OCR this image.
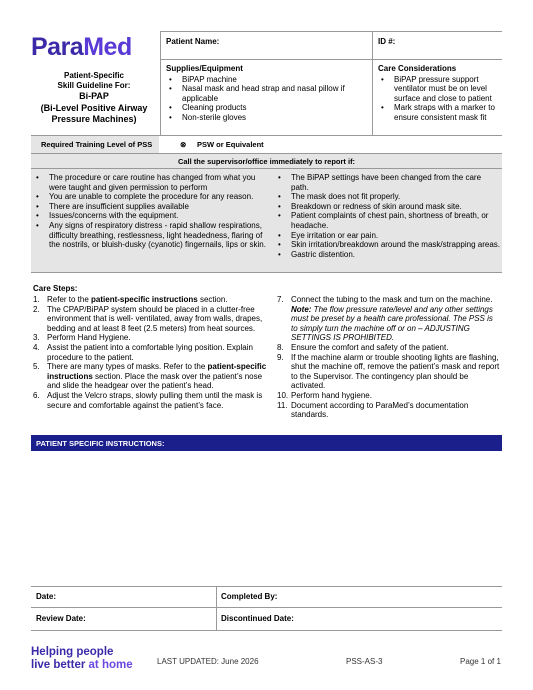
ParaMed	Patient Name:	ID #:
Patient-Specific
Skill Guideline For:
Bi-PAP
(Bi-Level Positive Airway
Pressure Machines)
Supplies/Equipment
• BiPAP machine
• Nasal mask and head strap and nasal pillow if applicable
• Cleaning products
• Non-sterile gloves
Care Considerations
• BiPAP pressure support ventilator must be on level surface and close to patient
• Mark straps with a marker to ensure consistent mask fit
Required Training Level of PSS	⊗ PSW or Equivalent
Call the supervisor/office immediately to report if:
• The procedure or care routine has changed from what you were taught and given permission to perform
• You are unable to complete the procedure for any reason.
• There are insufficient supplies available
• Issues/concerns with the equipment.
• Any signs of respiratory distress - rapid shallow respirations, difficulty breathing, restlessness, light headedness, flaring of the nostrils, or bluish-dusky (cyanotic) fingernails, lips or skin.
• The BiPAP settings have been changed from the care path.
• The mask does not fit properly.
• Breakdown or redness of skin around mask site.
• Patient complaints of chest pain, shortness of breath, or headache.
• Eye irritation or ear pain.
• Skin irritation/breakdown around the mask/strapping areas.
• Gastric distention.
Care Steps:
1. Refer to the patient-specific instructions section.
2. The CPAP/BiPAP system should be placed in a clutter-free environment that is well- ventilated, away from walls, drapes, bedding and at least 8 feet (2.5 meters) from heat sources.
3. Perform Hand Hygiene.
4. Assist the patient into a comfortable lying position. Explain procedure to the patient.
5. There are many types of masks. Refer to the patient-specific instructions section. Place the mask over the patient’s nose and slide the headgear over the patient’s head.
6. Adjust the Velcro straps, slowly pulling them until the mask is secure and comfortable against the patient’s face.
7. Connect the tubing to the mask and turn on the machine. Note: The flow pressure rate/level and any other settings must be preset by a health care professional. The PSS is to simply turn the machine off or on – ADJUSTING SETTINGS IS PROHIBITED.
8. Ensure the comfort and safety of the patient.
9. If the machine alarm or trouble shooting lights are flashing, shut the machine off, remove the patient’s mask and report to the Supervisor. The contingency plan should be activated.
10. Perform hand hygiene.
11. Document according to ParaMed’s documentation standards.
PATIENT SPECIFIC INSTRUCTIONS:
Date:	Completed By:
Review Date:	Discontinued Date:
Helping people
live better at home	LAST UPDATED: June 2026	PSS-AS-3	Page 1 of 1
